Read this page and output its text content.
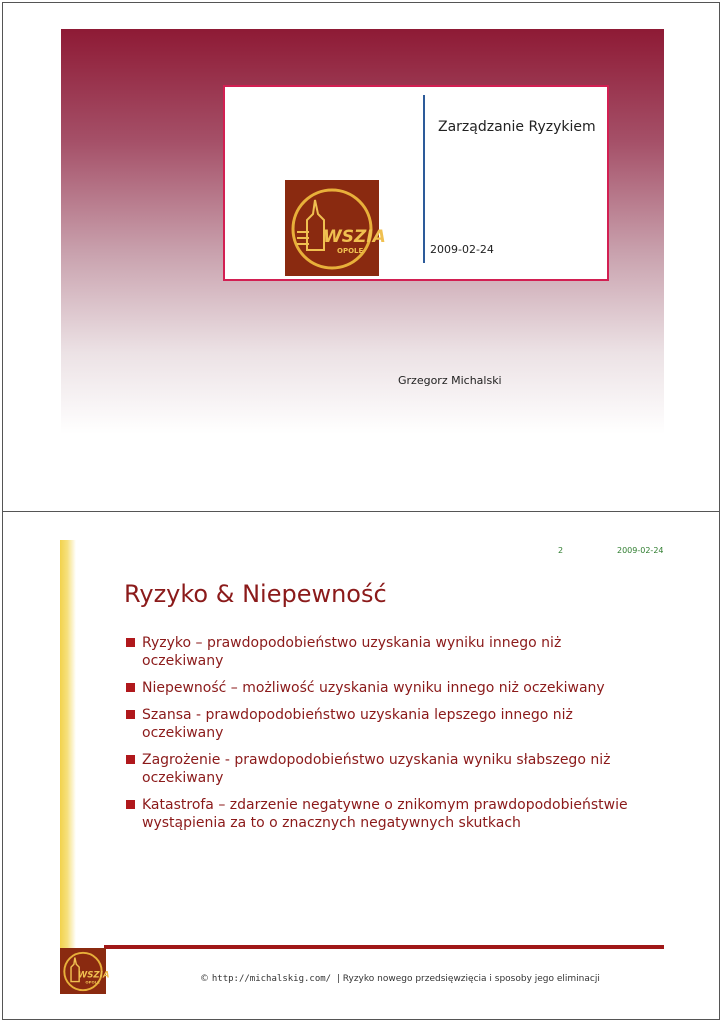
Zarządzanie Ryzykiem
2009-02-24
WSZIA
OPOLE
Grzegorz Michalski
2	2009-02-24
Ryzyko & Niepewność
Ryzyko – prawdopodobieństwo uzyskania wyniku innego niż oczekiwany
Niepewność – możliwość uzyskania wyniku innego niż oczekiwany
Szansa - prawdopodobieństwo uzyskania lepszego innego niż oczekiwany
Zagrożenie - prawdopodobieństwo uzyskania wyniku słabszego niż oczekiwany
Katastrofa – zdarzenie negatywne o znikomym prawdopodobieństwie wystąpienia za to o znacznych negatywnych skutkach
WSZIA
OPOLE	© http://michalskig.com/ | Ryzyko nowego przedsięwzięcia i sposoby jego eliminacji
